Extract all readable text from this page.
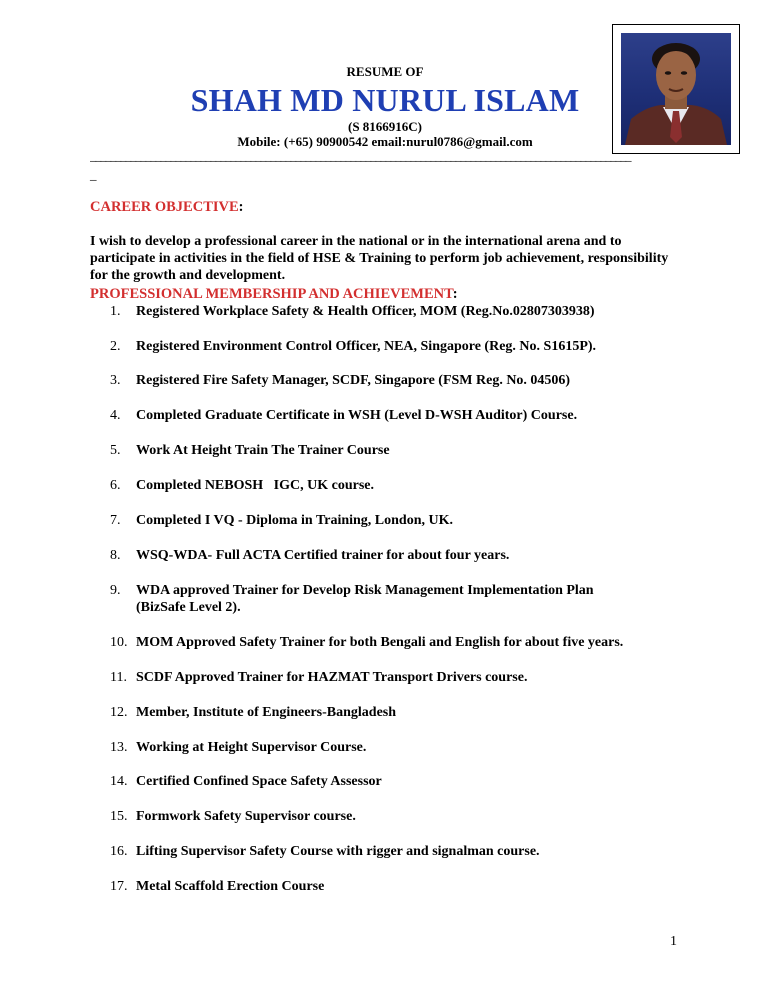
RESUME OF
SHAH MD NURUL ISLAM
(S 8166916C)
Mobile: (+65) 90900542 email:nurul0786@gmail.com
____________________________________________________________________________________________________________
_
CAREER OBJECTIVE:
I wish to develop a professional career in the national or in the international arena and to participate in activities in the field of HSE & Training to perform job achievement, responsibility for the growth and development.
PROFESSIONAL MEMBERSHIP AND ACHIEVEMENT:
1.	Registered Workplace Safety & Health Officer, MOM (Reg.No.02807303938)
2.	Registered Environment Control Officer, NEA, Singapore (Reg. No. S1615P).
3.	Registered Fire Safety Manager, SCDF, Singapore (FSM Reg. No. 04506)
4.	Completed Graduate Certificate in WSH (Level D-WSH Auditor) Course.
5.	Work At Height Train The Trainer Course
6.	Completed NEBOSH   IGC, UK course.
7.	Completed I VQ - Diploma in Training, London, UK.
8.	WSQ-WDA- Full ACTA Certified trainer for about four years.
9.	WDA approved Trainer for Develop Risk Management Implementation Plan (BizSafe Level 2).
10. MOM Approved Safety Trainer for both Bengali and English for about five years.
11. SCDF Approved Trainer for HAZMAT Transport Drivers course.
12. Member, Institute of Engineers-Bangladesh
13. Working at Height Supervisor Course.
14. Certified Confined Space Safety Assessor
15. Formwork Safety Supervisor course.
16. Lifting Supervisor Safety Course with rigger and signalman course.
17. Metal Scaffold Erection Course
1
